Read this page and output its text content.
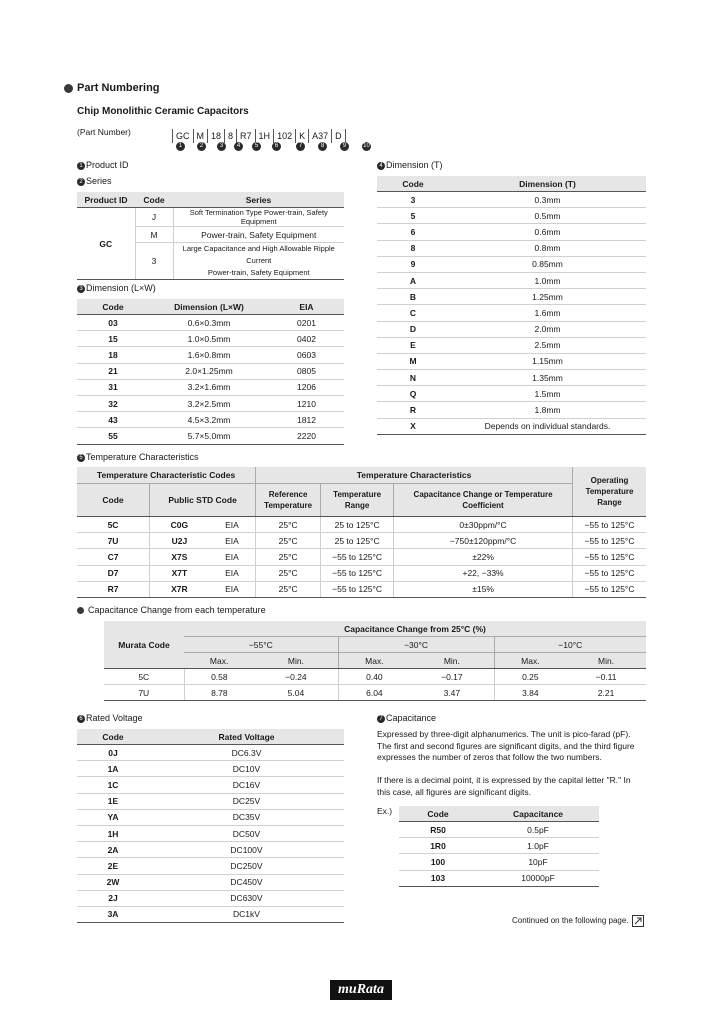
Part Numbering
Chip Monolithic Ceramic Capacitors
(Part Number)	GC M 18 8 R7 1H 102 K A37 D
1	2	3	4	5	6	7	8	9	10
1 Product ID
2 Series
Product ID	Code	Series
GC	J	Soft Termination Type Power-train, Safety Equipment
	M	Power-train, Safety Equipment
	3	Large Capacitance and High Allowable Ripple Current
Power-train, Safety Equipment
3 Dimension (L×W)
Code	Dimension (L×W)	EIA
03	0.6×0.3mm	0201
15	1.0×0.5mm	0402
18	1.6×0.8mm	0603
21	2.0×1.25mm	0805
31	3.2×1.6mm	1206
32	3.2×2.5mm	1210
43	4.5×3.2mm	1812
55	5.7×5.0mm	2220
4 Dimension (T)
Code	Dimension (T)
3	0.3mm
5	0.5mm
6	0.6mm
8	0.8mm
9	0.85mm
A	1.0mm
B	1.25mm
C	1.6mm
D	2.0mm
E	2.5mm
M	1.15mm
N	1.35mm
Q	1.5mm
R	1.8mm
X	Depends on individual standards.
5 Temperature Characteristics
Temperature Characteristic Codes			Temperature Characteristics			Operating Temperature Range
Code	Public STD Code		Reference Temperature	Temperature Range	Capacitance Change or Temperature Coefficient	
5C	C0G	EIA	25°C	25 to 125°C	0±30ppm/°C	−55 to 125°C
7U	U2J	EIA	25°C	25 to 125°C	−750±120ppm/°C	−55 to 125°C
C7	X7S	EIA	25°C	−55 to 125°C	±22%	−55 to 125°C
D7	X7T	EIA	25°C	−55 to 125°C	+22, −33%	−55 to 125°C
R7	X7R	EIA	25°C	−55 to 125°C	±15%	−55 to 125°C
Capacitance Change from each temperature
Murata Code	Capacitance Change from 25°C (%)					
	−55°C		−30°C		−10°C	
	Max.	Min.	Max.	Min.	Max.	Min.
5C	0.58	−0.24	0.40	−0.17	0.25	−0.11
7U	8.78	5.04	6.04	3.47	3.84	2.21
6 Rated Voltage
Code	Rated Voltage
0J	DC6.3V
1A	DC10V
1C	DC16V
1E	DC25V
YA	DC35V
1H	DC50V
2A	DC100V
2E	DC250V
2W	DC450V
2J	DC630V
3A	DC1kV
7 Capacitance
Expressed by three-digit alphanumerics. The unit is pico-farad (pF). The first and second figures are significant digits, and the third figure expresses the number of zeros that follow the two numbers.
If there is a decimal point, it is expressed by the capital letter "R." In this case, all figures are significant digits.
Ex.)	Code	Capacitance
R50	0.5pF
1R0	1.0pF
100	10pF
103	10000pF
Continued on the following page.
muRata
